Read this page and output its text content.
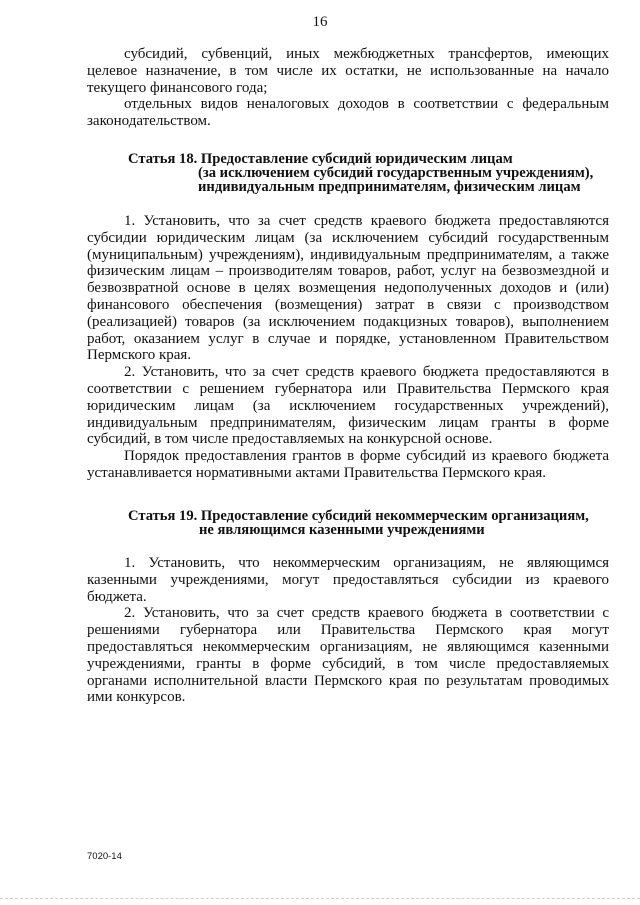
16

субсидий, субвенций, иных межбюджетных трансфертов, имеющих целевое назначение, в том числе их остатки, не использованные на начало текущего финансового года;

отдельных видов неналоговых доходов в соответствии с федеральным законодательством.

Статья 18. Предоставление субсидий юридическим лицам
(за исключением субсидий государственным учреждениям),
индивидуальным предпринимателям, физическим лицам

1. Установить, что за счет средств краевого бюджета предоставляются субсидии юридическим лицам (за исключением субсидий государственным (муниципальным) учреждениям), индивидуальным предпринимателям, а также физическим лицам – производителям товаров, работ, услуг на безвозмездной и безвозвратной основе в целях возмещения недополученных доходов и (или) финансового обеспечения (возмещения) затрат в связи с производством (реализацией) товаров (за исключением подакцизных товаров), выполнением работ, оказанием услуг в случае и порядке, установленном Правительством Пермского края.

2. Установить, что за счет средств краевого бюджета предоставляются в соответствии с решением губернатора или Правительства Пермского края юридическим лицам (за исключением государственных учреждений), индивидуальным предпринимателям, физическим лицам гранты в форме субсидий, в том числе предоставляемых на конкурсной основе.

Порядок предоставления грантов в форме субсидий из краевого бюджета устанавливается нормативными актами Правительства Пермского края.

Статья 19. Предоставление субсидий некоммерческим организациям,
не являющимся казенными учреждениями

1. Установить, что некоммерческим организациям, не являющимся казенными учреждениями, могут предоставляться субсидии из краевого бюджета.

2. Установить, что за счет средств краевого бюджета в соответствии с решениями губернатора или Правительства Пермского края могут предоставляться некоммерческим организациям, не являющимся казенными учреждениями, гранты в форме субсидий, в том числе предоставляемых органами исполнительной власти Пермского края по результатам проводимых ими конкурсов.

7020-14
